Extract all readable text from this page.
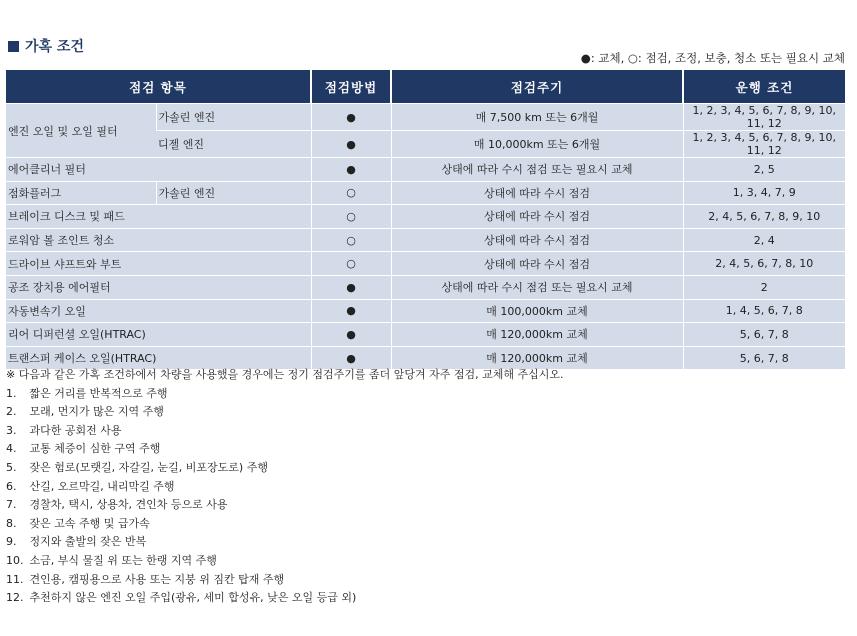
가혹 조건
●: 교체, ○: 점검, 조정, 보충, 청소 또는 필요시 교체
점검 항목		점검방법	점검주기	운행 조건
엔진 오일 및 오일 필터	가솔린 엔진	●	매 7,500 km 또는 6개월	1, 2, 3, 4, 5, 6, 7, 8, 9, 10, 11, 12
	디젤 엔진	●	매 10,000km 또는 6개월	1, 2, 3, 4, 5, 6, 7, 8, 9, 10, 11, 12
에어클리너 필터		●	상태에 따라 수시 점검 또는 필요시 교체	2, 5
점화플러그	가솔린 엔진	○	상태에 따라 수시 점검	1, 3, 4, 7, 9
브레이크 디스크 및 패드		○	상태에 따라 수시 점검	2, 4, 5, 6, 7, 8, 9, 10
로워암 볼 조인트 청소		○	상태에 따라 수시 점검	2, 4
드라이브 샤프트와 부트		○	상태에 따라 수시 점검	2, 4, 5, 6, 7, 8, 10
공조 장치용 에어필터		●	상태에 따라 수시 점검 또는 필요시 교체	2
자동변속기 오일		●	매 100,000km 교체	1, 4, 5, 6, 7, 8
리어 디퍼런셜 오일(HTRAC)		●	매 120,000km 교체	5, 6, 7, 8
트랜스퍼 케이스 오일(HTRAC)		●	매 120,000km 교체	5, 6, 7, 8
※ 다음과 같은 가혹 조건하에서 차량을 사용했을 경우에는 정기 점검주기를 좀더 앞당겨 자주 점검, 교체해 주십시오.
1. 짧은 거리를 반복적으로 주행
2. 모래, 먼지가 많은 지역 주행
3. 과다한 공회전 사용
4. 교통 체증이 심한 구역 주행
5. 잦은 험로(모랫길, 자갈길, 눈길, 비포장도로) 주행
6. 산길, 오르막길, 내리막길 주행
7. 경찰차, 택시, 상용차, 견인차 등으로 사용
8. 잦은 고속 주행 및 급가속
9. 정지와 출발의 잦은 반복
10. 소금, 부식 물질 위 또는 한랭 지역 주행
11. 견인용, 캠핑용으로 사용 또는 지붕 위 짐칸 탑재 주행
12. 추천하지 않은 엔진 오일 주입(광유, 세미 합성유, 낮은 오일 등급 외)
